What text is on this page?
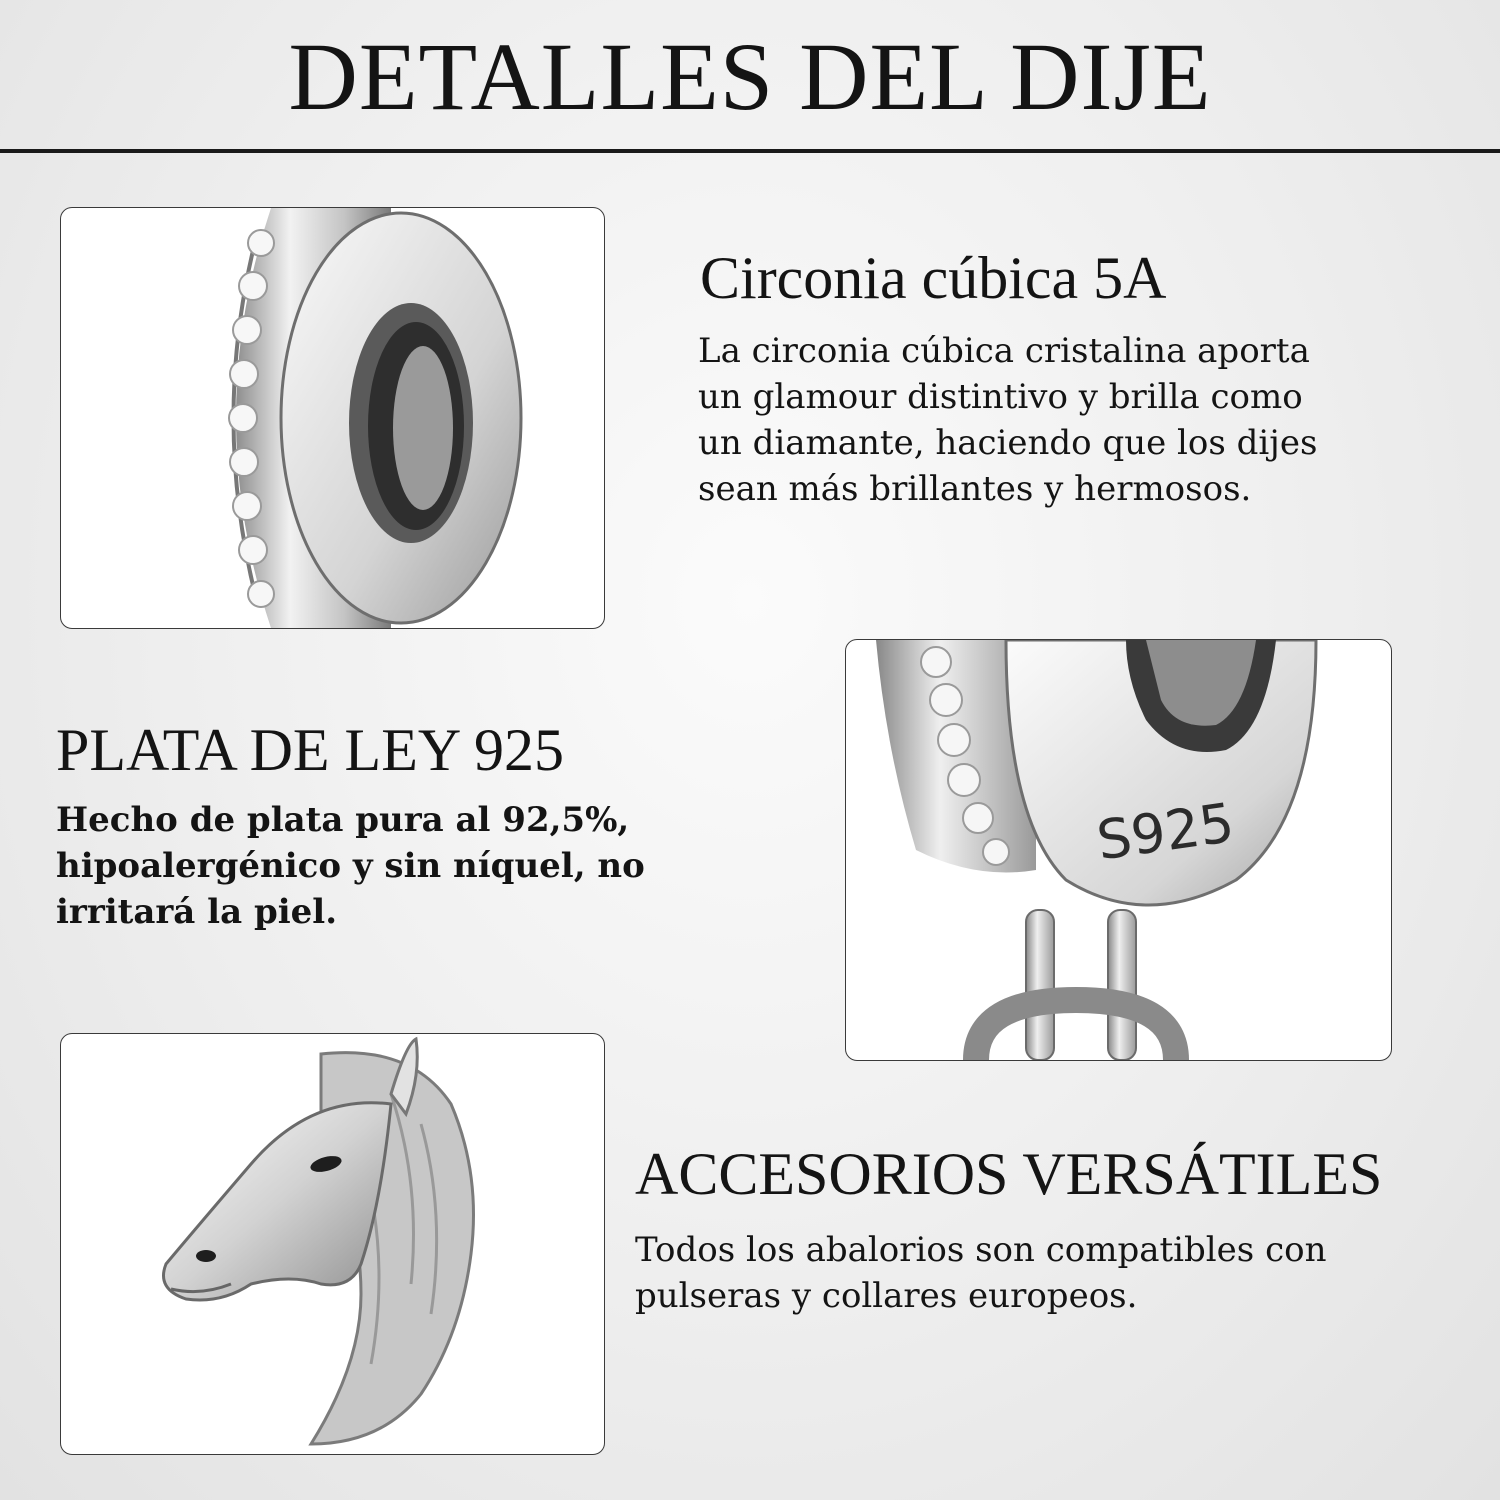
DETALLES DEL DIJE
Circonia cúbica 5A

La circonia cúbica cristalina aporta un glamour distintivo y brilla como un diamante, haciendo que los dijes sean más brillantes y hermosos.

PLATA DE LEY 925

Hecho de plata pura al 92,5%, hipoalergénico y sin níquel, no irritará la piel.

S925
ACCESORIOS VERSÁTILES

Todos los abalorios son compatibles con pulseras y collares europeos.
